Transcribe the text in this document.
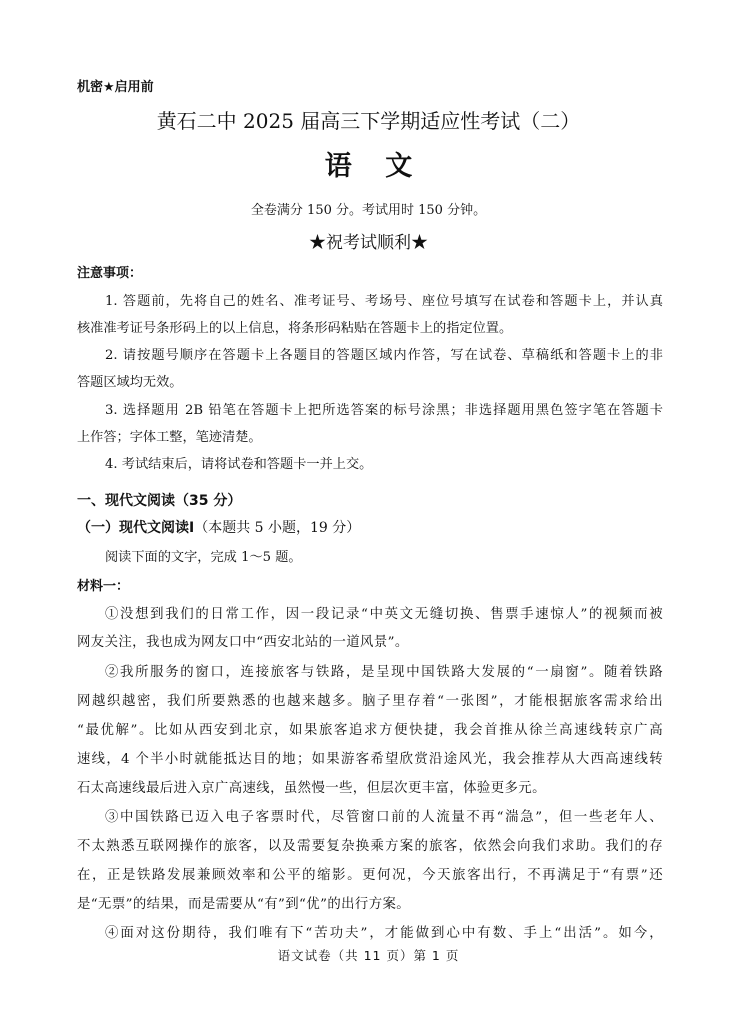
机密★启用前
黄石二中 2025 届高三下学期适应性考试（二）
语 文
全卷满分 150 分。考试用时 150 分钟。
★祝考试顺利★
注意事项：
1. 答题前，先将自己的姓名、准考证号、考场号、座位号填写在试卷和答题卡上，并认真
核准准考证号条形码上的以上信息，将条形码粘贴在答题卡上的指定位置。
2. 请按题号顺序在答题卡上各题目的答题区域内作答，写在试卷、草稿纸和答题卡上的非
答题区域均无效。
3. 选择题用 2B 铅笔在答题卡上把所选答案的标号涂黑；非选择题用黑色签字笔在答题卡
上作答；字体工整，笔迹清楚。
4. 考试结束后，请将试卷和答题卡一并上交。
一、现代文阅读（35 分）
（一）现代文阅读Ⅰ（本题共 5 小题，19 分）
阅读下面的文字，完成 1～5 题。
材料一：
①没想到我们的日常工作，因一段记录“中英文无缝切换、售票手速惊人”的视频而被
网友关注，我也成为网友口中“西安北站的一道风景”。
②我所服务的窗口，连接旅客与铁路，是呈现中国铁路大发展的“一扇窗”。随着铁路
网越织越密，我们所要熟悉的也越来越多。脑子里存着“一张图”，才能根据旅客需求给出
“最优解”。比如从西安到北京，如果旅客追求方便快捷，我会首推从徐兰高速线转京广高
速线，4 个半小时就能抵达目的地；如果游客希望欣赏沿途风光，我会推荐从大西高速线转
石太高速线最后进入京广高速线，虽然慢一些，但层次更丰富，体验更多元。
③中国铁路已迈入电子客票时代，尽管窗口前的人流量不再“湍急”，但一些老年人、
不太熟悉互联网操作的旅客，以及需要复杂换乘方案的旅客，依然会向我们求助。我们的存
在，正是铁路发展兼顾效率和公平的缩影。更何况，今天旅客出行，不再满足于“有票”还
是“无票”的结果，而是需要从“有”到“优”的出行方案。
④面对这份期待，我们唯有下“苦功夫”，才能做到心中有数、手上“出活”。如今，
语文试卷（共 11 页）第 1 页
